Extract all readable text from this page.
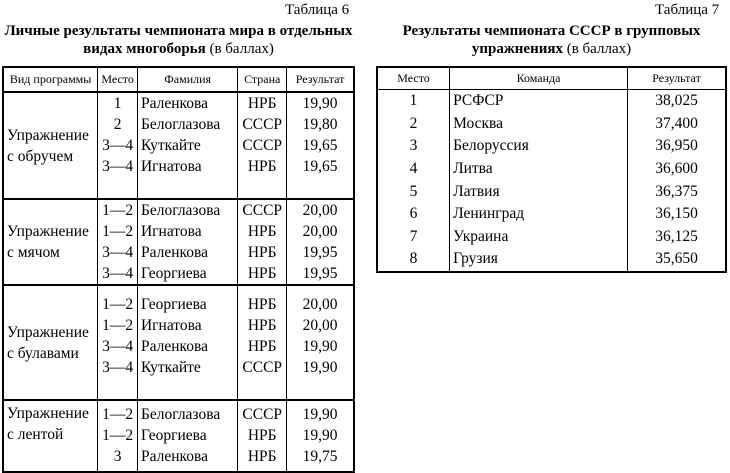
Таблица 6
Личные результаты чемпионата мира в отдельных видах многоборья (в баллах)
Вид программы	Место	Фамилия	Страна	Результат
Упражнение
с обручем	1	Раленкова	НРБ	19,90
	2	Белоглазова	СССР	19,80
	3—4	Куткайте	СССР	19,65
	3—4	Игнатова	НРБ	19,65

Упражнение
с мячом	1—2	Белоглазова	СССР	20,00
	1—2	Игнатова	НРБ	20,00
	3—4	Раленкова	НРБ	19,95
	3—4	Георгиева	НРБ	19,95
Упражнение
с булавами	1—2	Георгиева	НРБ	20,00
	1—2	Игнатова	НРБ	20,00
	3—4	Раленкова	НРБ	19,90
	3—4	Куткайте	СССР	19,90

Упражнение
с лентой	1—2	Белоглазова	СССР	19,90
	1—2	Георгиева	НРБ	19,90
	3	Раленкова	НРБ	19,75
Таблица 7
Результаты чемпионата СССР в групповых упражнениях (в баллах)
Место	Команда	Результат
1	РСФСР	38,025
2	Москва	37,400
3	Белоруссия	36,950
4	Литва	36,600
5	Латвия	36,375
6	Ленинград	36,150
7	Украина	36,125
8	Грузия	35,650
